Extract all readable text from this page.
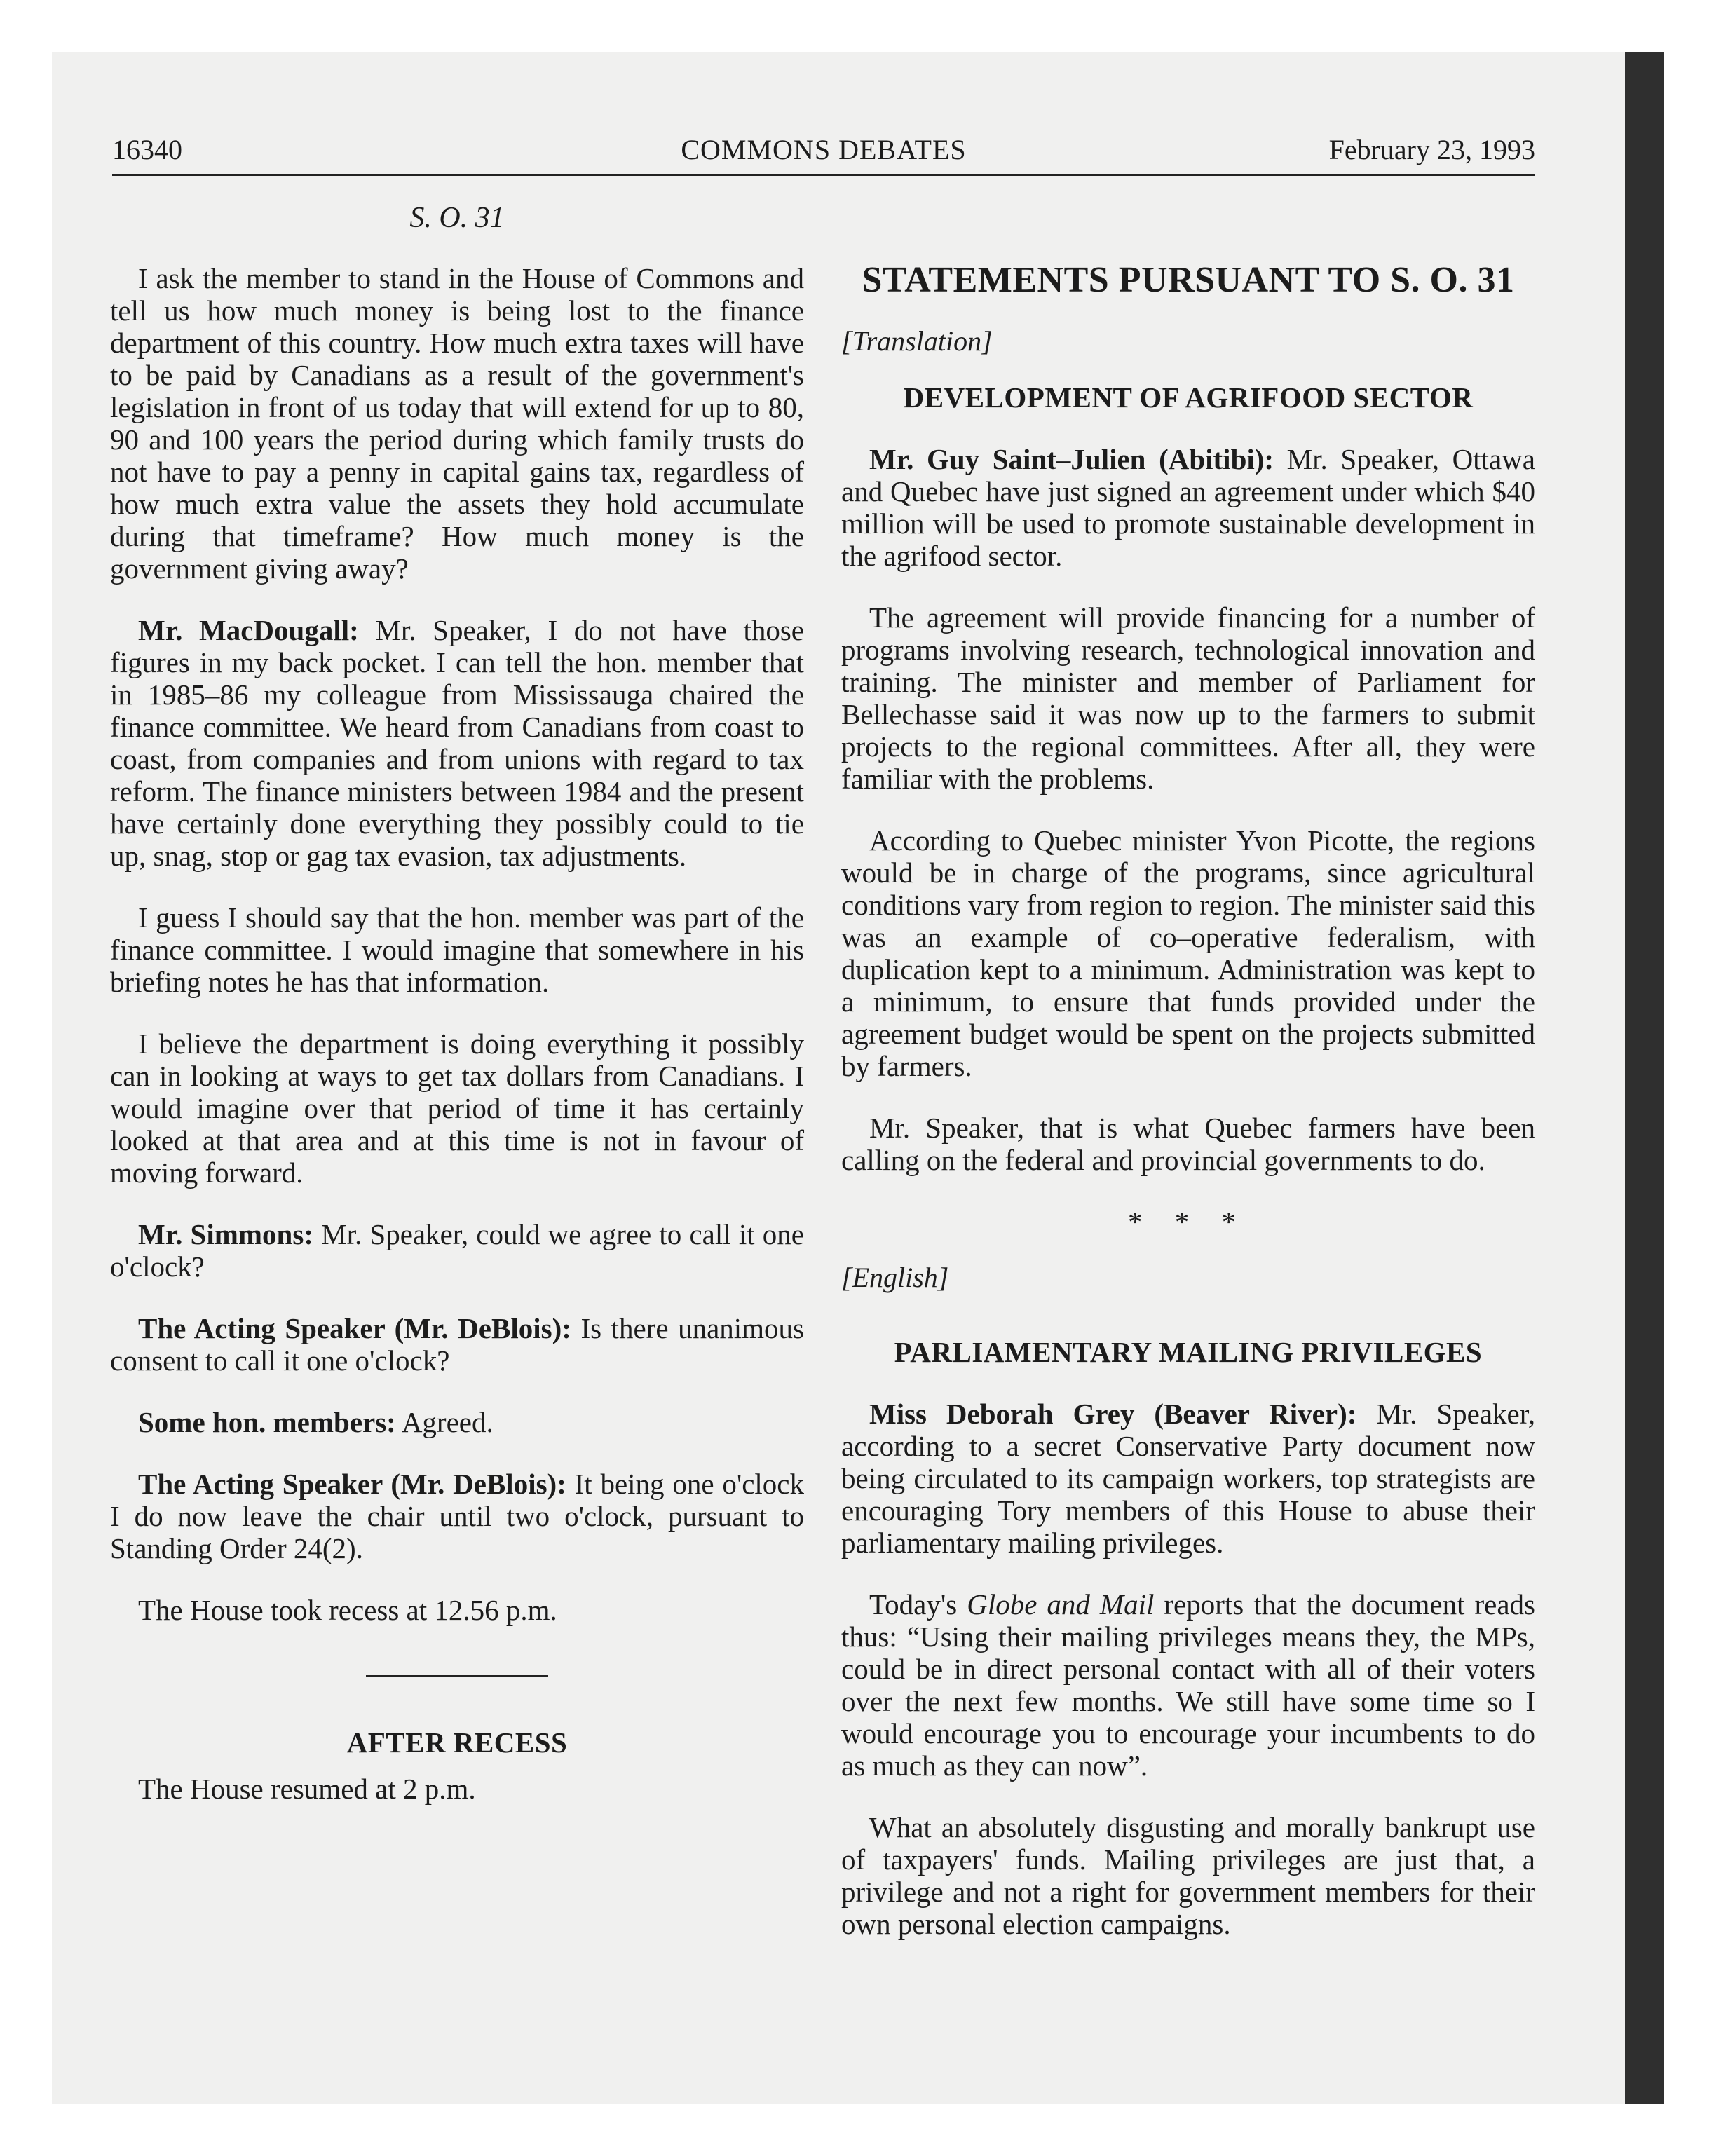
16340	COMMONS DEBATES	February 23, 1993
S. O. 31

I ask the member to stand in the House of Commons and tell us how much money is being lost to the finance department of this country. How much extra taxes will have to be paid by Canadians as a result of the government's legislation in front of us today that will extend for up to 80, 90 and 100 years the period during which family trusts do not have to pay a penny in capital gains tax, regardless of how much extra value the assets they hold accumulate during that timeframe? How much money is the government giving away?

Mr. MacDougall: Mr. Speaker, I do not have those figures in my back pocket. I can tell the hon. member that in 1985–86 my colleague from Mississauga chaired the finance committee. We heard from Canadians from coast to coast, from companies and from unions with regard to tax reform. The finance ministers between 1984 and the present have certainly done everything they possibly could to tie up, snag, stop or gag tax evasion, tax adjustments.

I guess I should say that the hon. member was part of the finance committee. I would imagine that somewhere in his briefing notes he has that information.

I believe the department is doing everything it possibly can in looking at ways to get tax dollars from Canadians. I would imagine over that period of time it has certainly looked at that area and at this time is not in favour of moving forward.

Mr. Simmons: Mr. Speaker, could we agree to call it one o'clock?

The Acting Speaker (Mr. DeBlois): Is there unanimous consent to call it one o'clock?

Some hon. members: Agreed.

The Acting Speaker (Mr. DeBlois): It being one o'clock I do now leave the chair until two o'clock, pursuant to Standing Order 24(2).

The House took recess at 12.56 p.m.

AFTER RECESS

The House resumed at 2 p.m.

STATEMENTS PURSUANT TO S. O. 31
[Translation]
DEVELOPMENT OF AGRIFOOD SECTOR

Mr. Guy Saint–Julien (Abitibi): Mr. Speaker, Ottawa and Quebec have just signed an agreement under which $40 million will be used to promote sustainable development in the agrifood sector.

The agreement will provide financing for a number of programs involving research, technological innovation and training. The minister and member of Parliament for Bellechasse said it was now up to the farmers to submit projects to the regional committees. After all, they were familiar with the problems.

According to Quebec minister Yvon Picotte, the regions would be in charge of the programs, since agricultural conditions vary from region to region. The minister said this was an example of co–operative federalism, with duplication kept to a minimum. Administration was kept to a minimum, to ensure that funds provided under the agreement budget would be spent on the projects submitted by farmers.

Mr. Speaker, that is what Quebec farmers have been calling on the federal and provincial governments to do.

* * *
[English]
PARLIAMENTARY MAILING PRIVILEGES

Miss Deborah Grey (Beaver River): Mr. Speaker, according to a secret Conservative Party document now being circulated to its campaign workers, top strategists are encouraging Tory members of this House to abuse their parliamentary mailing privileges.

Today's Globe and Mail reports that the document reads thus: “Using their mailing privileges means they, the MPs, could be in direct personal contact with all of their voters over the next few months. We still have some time so I would encourage you to encourage your incumbents to do as much as they can now”.

What an absolutely disgusting and morally bankrupt use of taxpayers' funds. Mailing privileges are just that, a privilege and not a right for government members for their own personal election campaigns.
